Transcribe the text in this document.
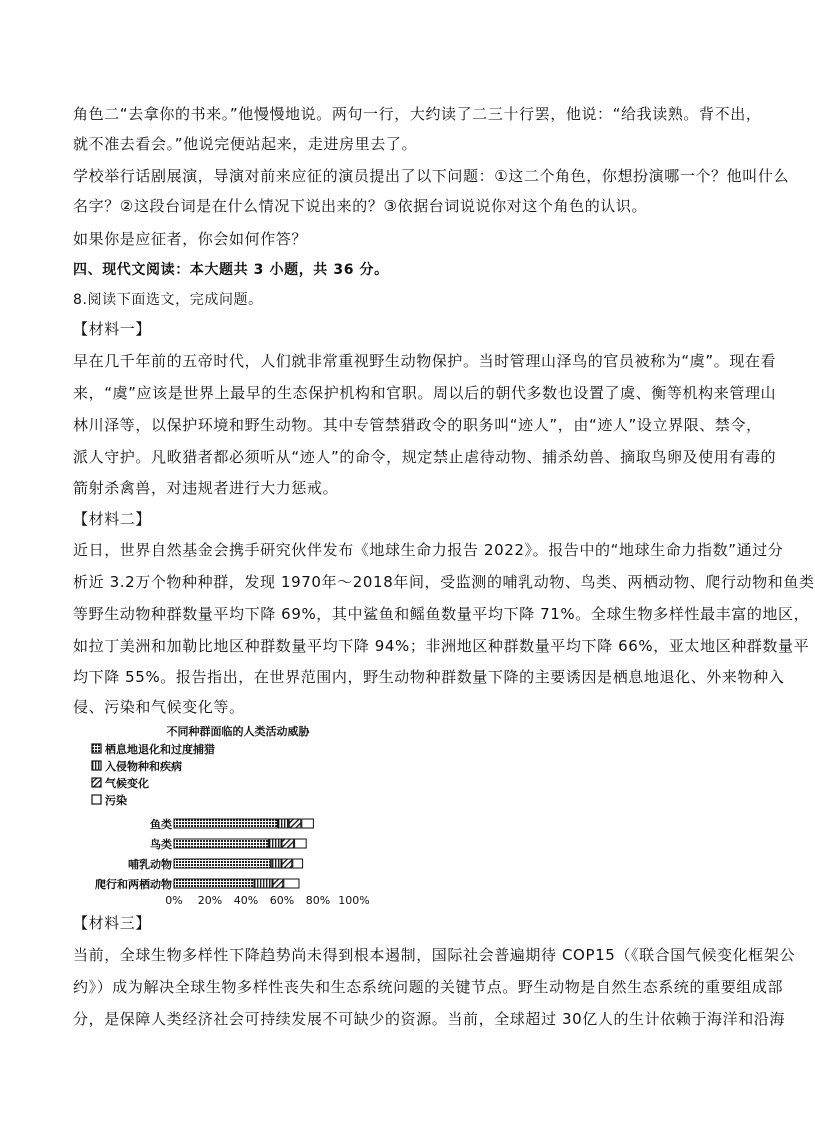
角色二“去拿你的书来。”他慢慢地说。两句一行，大约读了二三十行罢，他说：“给我读熟。背不出，
就不准去看会。”他说完便站起来，走进房里去了。
学校举行话剧展演，导演对前来应征的演员提出了以下问题：①这二个角色，你想扮演哪一个？他叫什么
名字？②这段台词是在什么情况下说出来的？③依据台词说说你对这个角色的认识。
如果你是应征者，你会如何作答？
四、现代文阅读：本大题共 3 小题，共 36 分。
8.阅读下面选文，完成问题。
【材料一】
早在几千年前的五帝时代，人们就非常重视野生动物保护。当时管理山泽鸟的官员被称为“虞”。现在看
来，“虞”应该是世界上最早的生态保护机构和官职。周以后的朝代多数也设置了虞、衡等机构来管理山
林川泽等，以保护环境和野生动物。其中专管禁猎政令的职务叫“迹人”，由“迹人”设立界限、禁令，
派人守护。凡畋猎者都必须听从“迹人”的命令，规定禁止虐待动物、捕杀幼兽、摘取鸟卵及使用有毒的
箭射杀禽兽，对违规者进行大力惩戒。
【材料二】
近日，世界自然基金会携手研究伙伴发布《地球生命力报告 2022》。报告中的“地球生命力指数”通过分
析近 3.2万个物种种群，发现 1970年～2018年间，受监测的哺乳动物、鸟类、两栖动物、爬行动物和鱼类
等野生动物种群数量平均下降 69%，其中鲨鱼和鳐鱼数量平均下降 71%。全球生物多样性最丰富的地区，
如拉丁美洲和加勒比地区种群数量平均下降 94%；非洲地区种群数量平均下降 66%，亚太地区种群数量平
均下降 55%。报告指出，在世界范围内，野生动物种群数量下降的主要诱因是栖息地退化、外来物种入
侵、污染和气候变化等。
不同种群面临的人类活动威胁
栖息地退化和过度捕猎
入侵物种和疾病
气候变化
污染
鱼类
鸟类
哺乳动物
爬行和两栖动物
0% 20% 40% 60% 80% 100%
【材料三】
当前，全球生物多样性下降趋势尚未得到根本遏制，国际社会普遍期待 COP15（《联合国气候变化框架公
约》）成为解决全球生物多样性丧失和生态系统问题的关键节点。野生动物是自然生态系统的重要组成部
分，是保障人类经济社会可持续发展不可缺少的资源。当前，全球超过 30亿人的生计依赖于海洋和沿海
